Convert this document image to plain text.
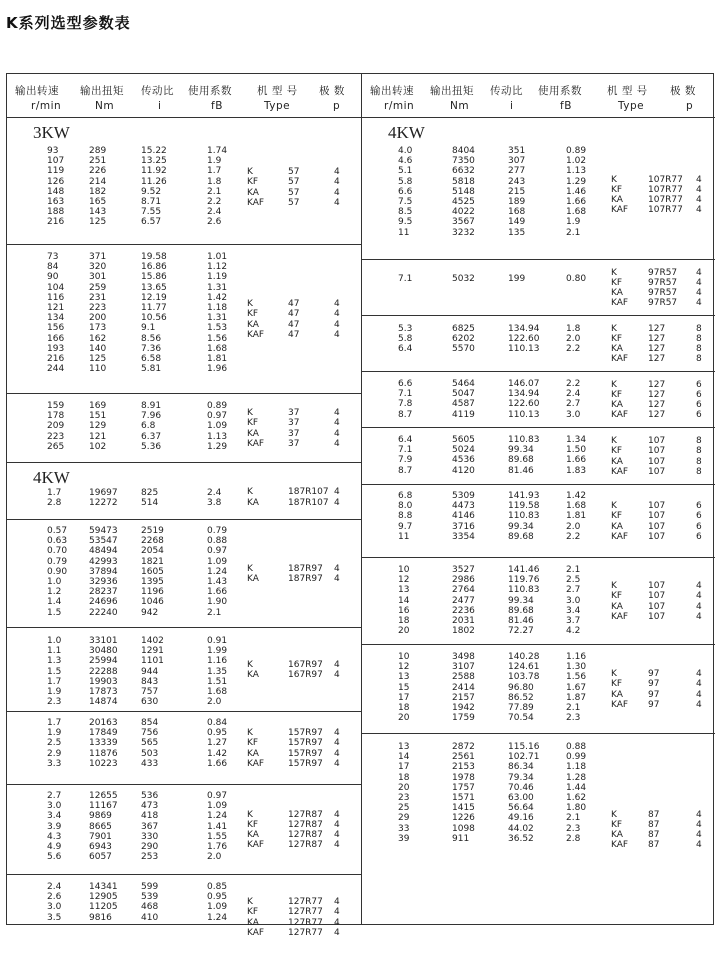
K系列选型参数表
输出转速 输出扭矩 传动比 使用系数 机 型 号 极 数
r/min	Nm	i	fB	Type	p
输出转速 输出扭矩 传动比 使用系数 机 型 号 极 数
r/min	Nm	i	fB	Type	p
3KW
93	289	15.22	1.74
107	251	13.25	1.9
119	226	11.92	1.7
126	214	11.26	1.8
148	182	9.52	2.1
163	165	8.71	2.2
188	143	7.55	2.4
216	125	6.57	2.6
K	57	4
KF	57	4
KA	57	4
KAF	57	4
73	371	19.58	1.01
84	320	16.86	1.12
90	301	15.86	1.19
104	259	13.65	1.31
116	231	12.19	1.42
121	223	11.77	1.18
134	200	10.56	1.31
156	173	9.1	1.53
166	162	8.56	1.56
193	140	7.36	1.68
216	125	6.58	1.81
244	110	5.81	1.96
K	47	4
KF	47	4
KA	47	4
KAF	47	4
159	169	8.91	0.89
178	151	7.96	0.97
209	129	6.8	1.09
223	121	6.37	1.13
265	102	5.36	1.29
K	37	4
KF	37	4
KA	37	4
KAF	37	4
4KW
1.7	19697	825	2.4
2.8	12272	514	3.8
K	187R107 4
KA	187R107 4
0.57 59473	2519	0.79
0.63 53547	2268	0.88
0.70 48494	2054	0.97
0.79 42993	1821	1.09
0.90 37894	1605	1.24
1.0	32936	1395	1.43
1.2	28237	1196	1.66
1.4	24696	1046	1.90
1.5	22240	942	2.1
K	187R97 4
KA	187R97 4
1.0	33101	1402	0.91
1.1	30480	1291	1.99
1.3	25994	1101	1.16
1.5	22288	944	1.35
1.7	19903	843	1.51
1.9	17873	757	1.68
2.3	14874	630	2.0
K	167R97 4
KA	167R97 4
1.7	20163	854	0.84
1.9	17849	756	0.95
2.5	13339	565	1.27
2.9	11876	503	1.42
3.3	10223	433	1.66
K	157R97 4
KF	157R97 4
KA	157R97 4
KAF	157R97 4
2.7	12655	536	0.97
3.0	11167	473	1.09
3.4	9869	418	1.24
3.9	8665	367	1.41
4.3	7901	330	1.55
4.9	6943	290	1.76
5.6	6057	253	2.0
K	127R87 4
KF	127R87 4
KA	127R87 4
KAF	127R87 4
2.4	14341	599	0.85
2.6	12905	539	0.95
3.0	11205	468	1.09
3.5	9816	410	1.24
K	127R77 4
KF	127R77 4
KA	127R77 4
KAF	127R77 4
4KW
4.0	8404	351	0.89
4.6	7350	307	1.02
5.1	6632	277	1.13
5.8	5818	243	1.29
6.6	5148	215	1.46
7.5	4525	189	1.66
8.5	4022	168	1.68
9.5	3567	149	1.9
11	3232	135	2.1
K	107R77 4
KF	107R77 4
KA	107R77 4
KAF 107R77 4
7.1	5032	199	0.80
K	97R57 4
KF	97R57 4
KA	97R57 4
KAF 97R57 4
5.3	6825	134.94	1.8
5.8	6202	122.60	2.0
6.4	5570	110.13	2.2
K	127	8
KF	127	8
KA	127	8
KAF 127	8
6.6	5464	146.07	2.2
7.1	5047	134.94	2.4
7.8	4587	122.60	2.7
8.7	4119	110.13	3.0
K	127	6
KF	127	6
KA	127	6
KAF 127	6
6.4	5605	110.83	1.34
7.1	5024	99.34	1.50
7.9	4536	89.68	1.66
8.7	4120	81.46	1.83
K	107	8
KF	107	8
KA	107	8
KAF 107	8
6.8	5309	141.93	1.42
8.0	4473	119.58	1.68
8.8	4146	110.83	1.81
9.7	3716	99.34	2.0
11	3354	89.68	2.2
K	107	6
KF	107	6
KA	107	6
KAF 107	6
10	3527	141.46	2.1
12	2986	119.76	2.5
13	2764	110.83	2.7
14	2477	99.34	3.0
16	2236	89.68	3.4
18	2031	81.46	3.7
20	1802	72.27	4.2
K	107	4
KF	107	4
KA	107	4
KAF 107	4
10	3498	140.28	1.16
12	3107	124.61	1.30
13	2588	103.78	1.56
15	2414	96.80	1.67
17	2157	86.52	1.87
18	1942	77.89	2.1
20	1759	70.54	2.3
K	97	4
KF	97	4
KA	97	4
KAF 97	4
13	2872	115.16	0.88
14	2561	102.71	0.99
17	2153	86.34	1.18
18	1978	79.34	1.28
20	1757	70.46	1.44
23	1571	63.00	1.62
25	1415	56.64	1.80
29	1226	49.16	2.1
33	1098	44.02	2.3
39	911	36.52	2.8
K	87	4
KF	87	4
KA	87	4
KAF 87	4
